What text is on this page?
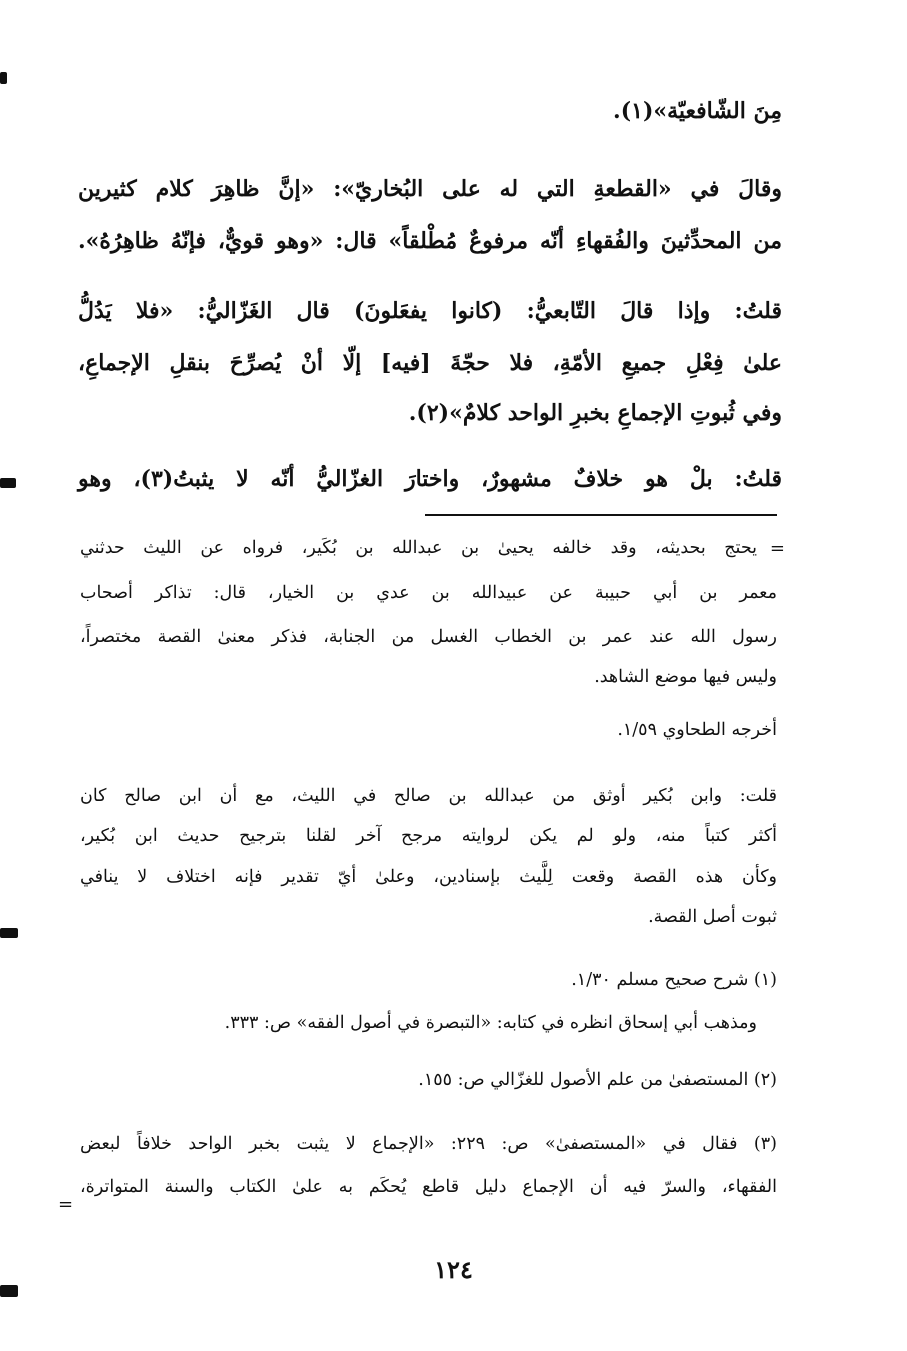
مِنَ الشّافعيّة»(١).
وقالَ في «القطعةِ التي له على البُخاريّ»: «إنَّ ظاهِرَ كلام كثيرين
من المحدِّثينَ والفُقهاءِ أنّه مرفوعٌ مُطْلقاً» قال: «وهو قويٌّ، فإنّهُ ظاهِرُهُ».
قلتُ: وإذا قالَ التّابعيُّ: (كانوا يفعَلونَ) قال الغَزّاليُّ: «فلا يَدُلُّ
علىٰ فِعْلِ جميعِ الأمّةِ، فلا حجّةَ [فيه] إلّا أنْ يُصرِّحَ بنقلِ الإجماعِ،
وفي ثُبوتِ الإجماعِ بخبرِ الواحد كلامٌ»(٢).
قلتُ: بلْ هو خلافٌ مشهورٌ، واختارَ الغزّاليُّ أنّه لا يثبتُ(٣)، وهو
=
يحتج بحديثه، وقد خالفه يحيىٰ بن عبدالله بن بُكَير، فرواه عن الليث حدثني
معمر بن أبي حبيبة عن عبيدالله بن عدي بن الخيار، قال: تذاكر أصحاب
رسول الله عند عمر بن الخطاب الغسل من الجنابة، فذكر معنىٰ القصة مختصراً،
وليس فيها موضع الشاهد.
أخرجه الطحاوي ١/٥٩.
قلت: وابن بُكير أوثق من عبدالله بن صالح في الليث، مع أن ابن صالح كان
أكثر كتباً منه، ولو لم يكن لروايته مرجح آخر لقلنا بترجيح حديث ابن بُكير،
وكأن هذه القصة وقعت لِلَّيث بإسنادين، وعلىٰ أيّ تقدير فإنه اختلاف لا ينافي
ثبوت أصل القصة.
(١) شرح صحيح مسلم ١/٣٠.
ومذهب أبي إسحاق انظره في كتابه: «التبصرة في أصول الفقه» ص: ٣٣٣.
(٢) المستصفىٰ من علم الأصول للغزّالي ص: ١٥٥.
(٣) فقال في «المستصفىٰ» ص: ٢٢٩: «الإجماع لا يثبت بخبر الواحد خلافاً لبعض
الفقهاء، والسرّ فيه أن الإجماع دليل قاطع يُحكَم به علىٰ الكتاب والسنة المتواترة،
=
١٢٤
